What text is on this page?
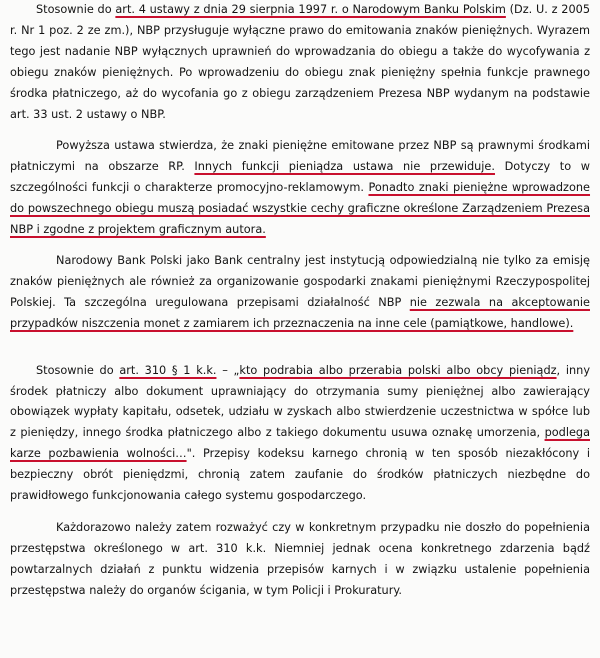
Stosownie do art. 4 ustawy z dnia 29 sierpnia 1997 r. o Narodowym Banku Polskim (Dz. U. z 2005 r. Nr 1 poz. 2 ze zm.), NBP przysługuje wyłączne prawo do emitowania znaków pieniężnych. Wyrazem tego jest nadanie NBP wyłącznych uprawnień do wprowadzania do obiegu a także do wycofywania z obiegu znaków pieniężnych. Po wprowadzeniu do obiegu znak pieniężny spełnia funkcje prawnego środka płatniczego, aż do wycofania go z obiegu zarządzeniem Prezesa NBP wydanym na podstawie art. 33 ust. 2 ustawy o NBP.

Powyższa ustawa stwierdza, że znaki pieniężne emitowane przez NBP są prawnymi środkami płatniczymi na obszarze RP. Innych funkcji pieniądza ustawa nie przewiduje. Dotyczy to w szczególności funkcji o charakterze promocyjno-reklamowym. Ponadto znaki pieniężne wprowadzone do powszechnego obiegu muszą posiadać wszystkie cechy graficzne określone Zarządzeniem Prezesa NBP i zgodne z projektem graficznym autora.

Narodowy Bank Polski jako Bank centralny jest instytucją odpowiedzialną nie tylko za emisję znaków pieniężnych ale również za organizowanie gospodarki znakami pieniężnymi Rzeczypospolitej Polskiej. Ta szczególna uregulowana przepisami działalność NBP nie zezwala na akceptowanie przypadków niszczenia monet z zamiarem ich przeznaczenia na inne cele (pamiątkowe, handlowe).

Stosownie do art. 310 § 1 k.k. – „kto podrabia albo przerabia polski albo obcy pieniądz, inny środek płatniczy albo dokument uprawniający do otrzymania sumy pieniężnej albo zawierający obowiązek wypłaty kapitału, odsetek, udziału w zyskach albo stwierdzenie uczestnictwa w spółce lub z pieniędzy, innego środka płatniczego albo z takiego dokumentu usuwa oznakę umorzenia, podlega karze pozbawienia wolności…". Przepisy kodeksu karnego chronią w ten sposób niezakłócony i bezpieczny obrót pieniędzmi, chronią zatem zaufanie do środków płatniczych niezbędne do prawidłowego funkcjonowania całego systemu gospodarczego.

Każdorazowo należy zatem rozważyć czy w konkretnym przypadku nie doszło do popełnienia przestępstwa określonego w art. 310 k.k. Niemniej jednak ocena konkretnego zdarzenia bądź powtarzalnych działań z punktu widzenia przepisów karnych i w związku ustalenie popełnienia przestępstwa należy do organów ścigania, w tym Policji i Prokuratury.
